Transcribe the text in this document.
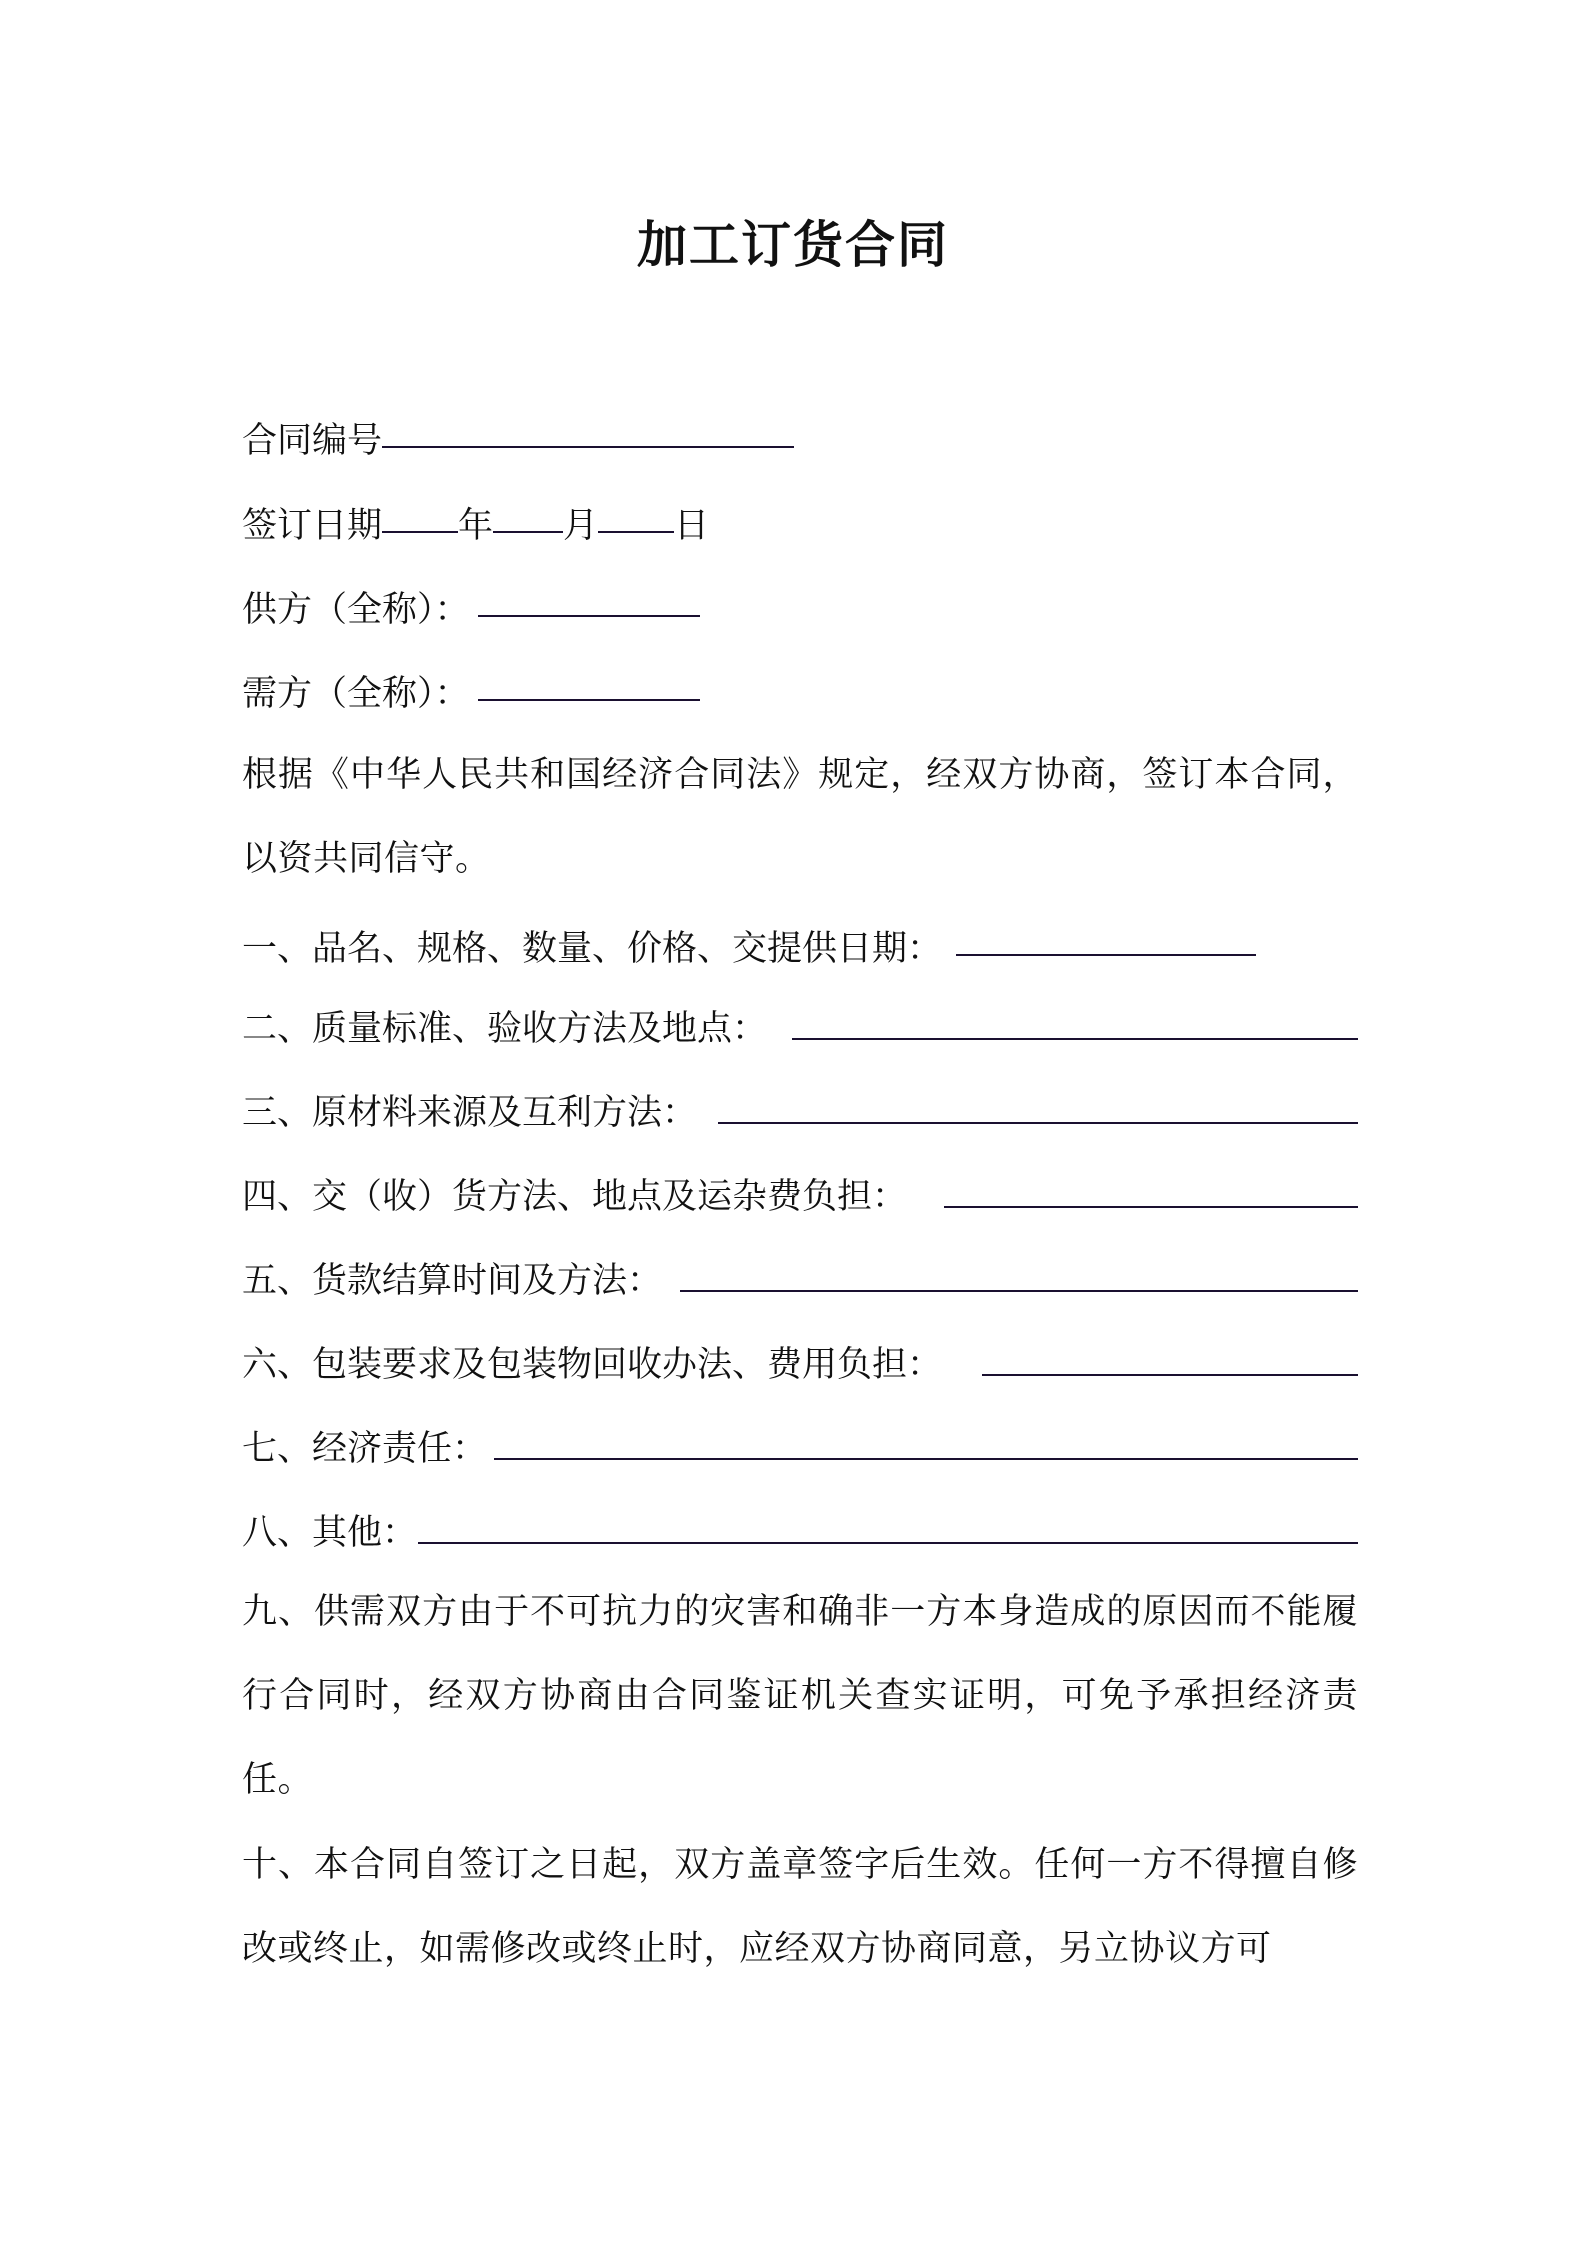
加工订货合同
合同编号
签订日期 年 月 日
供方（全称）：
需方（全称）：
根据《中华人民共和国经济合同法》规定，经双方协商，签订本合同，以资共同信守。
一、品名、规格、数量、价格、交提供日期：
二、质量标准、验收方法及地点：
三、原材料来源及互利方法：
四、交（收）货方法、地点及运杂费负担：
五、货款结算时间及方法：
六、包装要求及包装物回收办法、费用负担：
七、经济责任：
八、其他：
九、供需双方由于不可抗力的灾害和确非一方本身造成的原因而不能履行合同时，经双方协商由合同鉴证机关查实证明，可免予承担经济责任。
十、本合同自签订之日起，双方盖章签字后生效。任何一方不得擅自修改或终止，如需修改或终止时，应经双方协商同意，另立协议方可
